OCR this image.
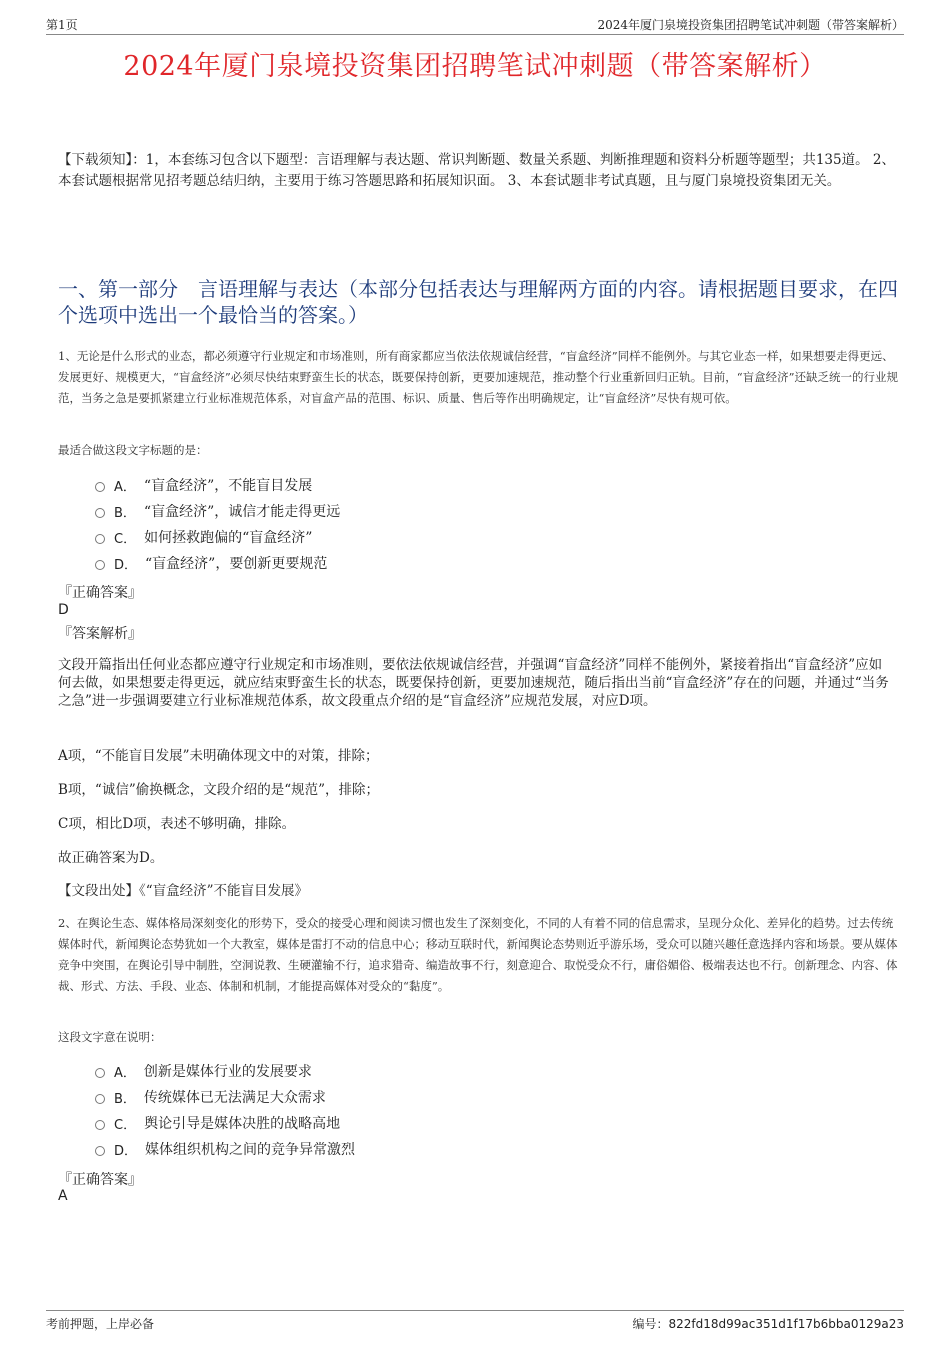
第1页	2024年厦门泉境投资集团招聘笔试冲刺题（带答案解析）
2024年厦门泉境投资集团招聘笔试冲刺题（带答案解析）
【下载须知】：1，本套练习包含以下题型：言语理解与表达题、常识判断题、数量关系题、判断推理题和资料分析题等题型；共135道。 2、本套试题根据常见招考题总结归纳，主要用于练习答题思路和拓展知识面。 3、本套试题非考试真题，且与厦门泉境投资集团无关。
一、第一部分　言语理解与表达（本部分包括表达与理解两方面的内容。请根据题目要求，在四个选项中选出一个最恰当的答案。）
1、无论是什么形式的业态，都必须遵守行业规定和市场准则，所有商家都应当依法依规诚信经营，“盲盒经济”同样不能例外。与其它业态一样，如果想要走得更远、发展更好、规模更大，“盲盒经济”必须尽快结束野蛮生长的状态，既要保持创新，更要加速规范，推动整个行业重新回归正轨。目前，“盲盒经济”还缺乏统一的行业规范，当务之急是要抓紧建立行业标准规范体系，对盲盒产品的范围、标识、质量、售后等作出明确规定，让“盲盒经济”尽快有规可依。
最适合做这段文字标题的是：
A． “盲盒经济”，不能盲目发展
B． “盲盒经济”，诚信才能走得更远
C． 如何拯救跑偏的“盲盒经济”
D． “盲盒经济”，要创新更要规范
『正确答案』
D
『答案解析』
文段开篇指出任何业态都应遵守行业规定和市场准则，要依法依规诚信经营，并强调“盲盒经济”同样不能例外，紧接着指出“盲盒经济”应如何去做，如果想要走得更远，就应结束野蛮生长的状态，既要保持创新，更要加速规范，随后指出当前“盲盒经济”存在的问题，并通过“当务之急”进一步强调要建立行业标准规范体系，故文段重点介绍的是“盲盒经济”应规范发展，对应D项。
A项，“不能盲目发展”未明确体现文中的对策，排除；
B项，“诚信”偷换概念，文段介绍的是“规范”，排除；
C项，相比D项，表述不够明确，排除。
故正确答案为D。
【文段出处】《“盲盒经济”不能盲目发展》
2、在舆论生态、媒体格局深刻变化的形势下，受众的接受心理和阅读习惯也发生了深刻变化，不同的人有着不同的信息需求，呈现分众化、差异化的趋势。过去传统媒体时代，新闻舆论态势犹如一个大教室，媒体是雷打不动的信息中心；移动互联时代，新闻舆论态势则近乎游乐场，受众可以随兴趣任意选择内容和场景。要从媒体竞争中突围，在舆论引导中制胜，空洞说教、生硬灌输不行，追求猎奇、编造故事不行，刻意迎合、取悦受众不行，庸俗媚俗、极端表达也不行。创新理念、内容、体裁、形式、方法、手段、业态、体制和机制，才能提高媒体对受众的“黏度”。
这段文字意在说明：
A． 创新是媒体行业的发展要求
B． 传统媒体已无法满足大众需求
C． 舆论引导是媒体决胜的战略高地
D． 媒体组织机构之间的竞争异常激烈
『正确答案』
A
考前押题，上岸必备	编号：822fd18d99ac351d1f17b6bba0129a23
